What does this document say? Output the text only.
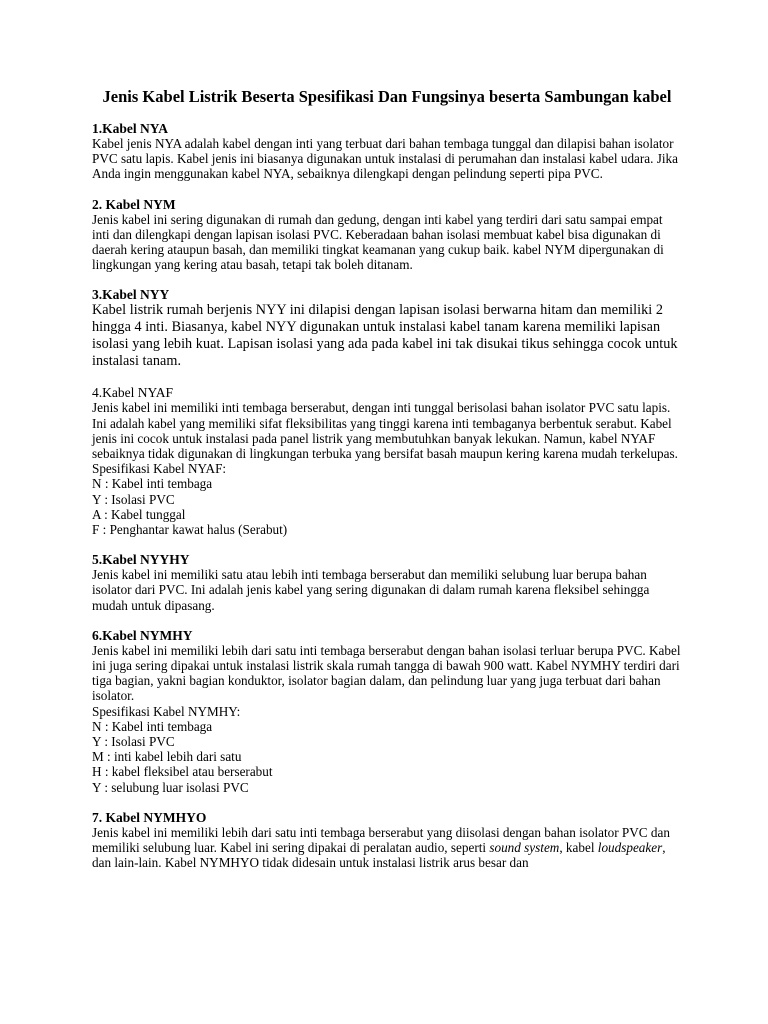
Jenis Kabel Listrik Beserta Spesifikasi Dan Fungsinya beserta Sambungan kabel

1.Kabel NYA

Kabel jenis NYA adalah kabel dengan inti yang terbuat dari bahan tembaga tunggal dan dilapisi bahan isolator PVC satu lapis. Kabel jenis ini biasanya digunakan untuk instalasi di perumahan dan instalasi kabel udara. Jika Anda ingin menggunakan kabel NYA, sebaiknya dilengkapi dengan pelindung seperti pipa PVC.

2. Kabel NYM

Jenis kabel ini sering digunakan di rumah dan gedung, dengan inti kabel yang terdiri dari satu sampai empat inti dan dilengkapi dengan lapisan isolasi PVC. Keberadaan bahan isolasi membuat kabel bisa digunakan di daerah kering ataupun basah, dan memiliki tingkat keamanan yang cukup baik. kabel NYM dipergunakan di lingkungan yang kering atau basah, tetapi tak boleh ditanam.

3.Kabel NYY

Kabel listrik rumah berjenis NYY ini dilapisi dengan lapisan isolasi berwarna hitam dan memiliki 2 hingga 4 inti. Biasanya, kabel NYY digunakan untuk instalasi kabel tanam karena memiliki lapisan isolasi yang lebih kuat. Lapisan isolasi yang ada pada kabel ini tak disukai tikus sehingga cocok untuk instalasi tanam.

4.Kabel NYAF

Jenis kabel ini memiliki inti tembaga berserabut, dengan inti tunggal berisolasi bahan isolator PVC satu lapis. Ini adalah kabel yang memiliki sifat fleksibilitas yang tinggi karena inti tembaganya berbentuk serabut. Kabel jenis ini cocok untuk instalasi pada panel listrik yang membutuhkan banyak lekukan. Namun, kabel NYAF sebaiknya tidak digunakan di lingkungan terbuka yang bersifat basah maupun kering karena mudah terkelupas.

Spesifikasi Kabel NYAF:

N : Kabel inti tembaga
Y : Isolasi PVC
A : Kabel tunggal
F : Penghantar kawat halus (Serabut)

5.Kabel NYYHY

Jenis kabel ini memiliki satu atau lebih inti tembaga berserabut dan memiliki selubung luar berupa bahan isolator dari PVC. Ini adalah jenis kabel yang sering digunakan di dalam rumah karena fleksibel sehingga mudah untuk dipasang.

6.Kabel NYMHY

Jenis kabel ini memiliki lebih dari satu inti tembaga berserabut dengan bahan isolasi terluar berupa PVC. Kabel ini juga sering dipakai untuk instalasi listrik skala rumah tangga di bawah 900 watt. Kabel NYMHY terdiri dari tiga bagian, yakni bagian konduktor, isolator bagian dalam, dan pelindung luar yang juga terbuat dari bahan isolator.

Spesifikasi Kabel NYMHY:

N : Kabel inti tembaga
Y : Isolasi PVC
M : inti kabel lebih dari satu
H : kabel fleksibel atau berserabut
Y : selubung luar isolasi PVC

7. Kabel NYMHYO

Jenis kabel ini memiliki lebih dari satu inti tembaga berserabut yang diisolasi dengan bahan isolator PVC dan memiliki selubung luar. Kabel ini sering dipakai di peralatan audio, seperti sound system, kabel loudspeaker, dan lain-lain. Kabel NYMHYO tidak didesain untuk instalasi listrik arus besar dan
